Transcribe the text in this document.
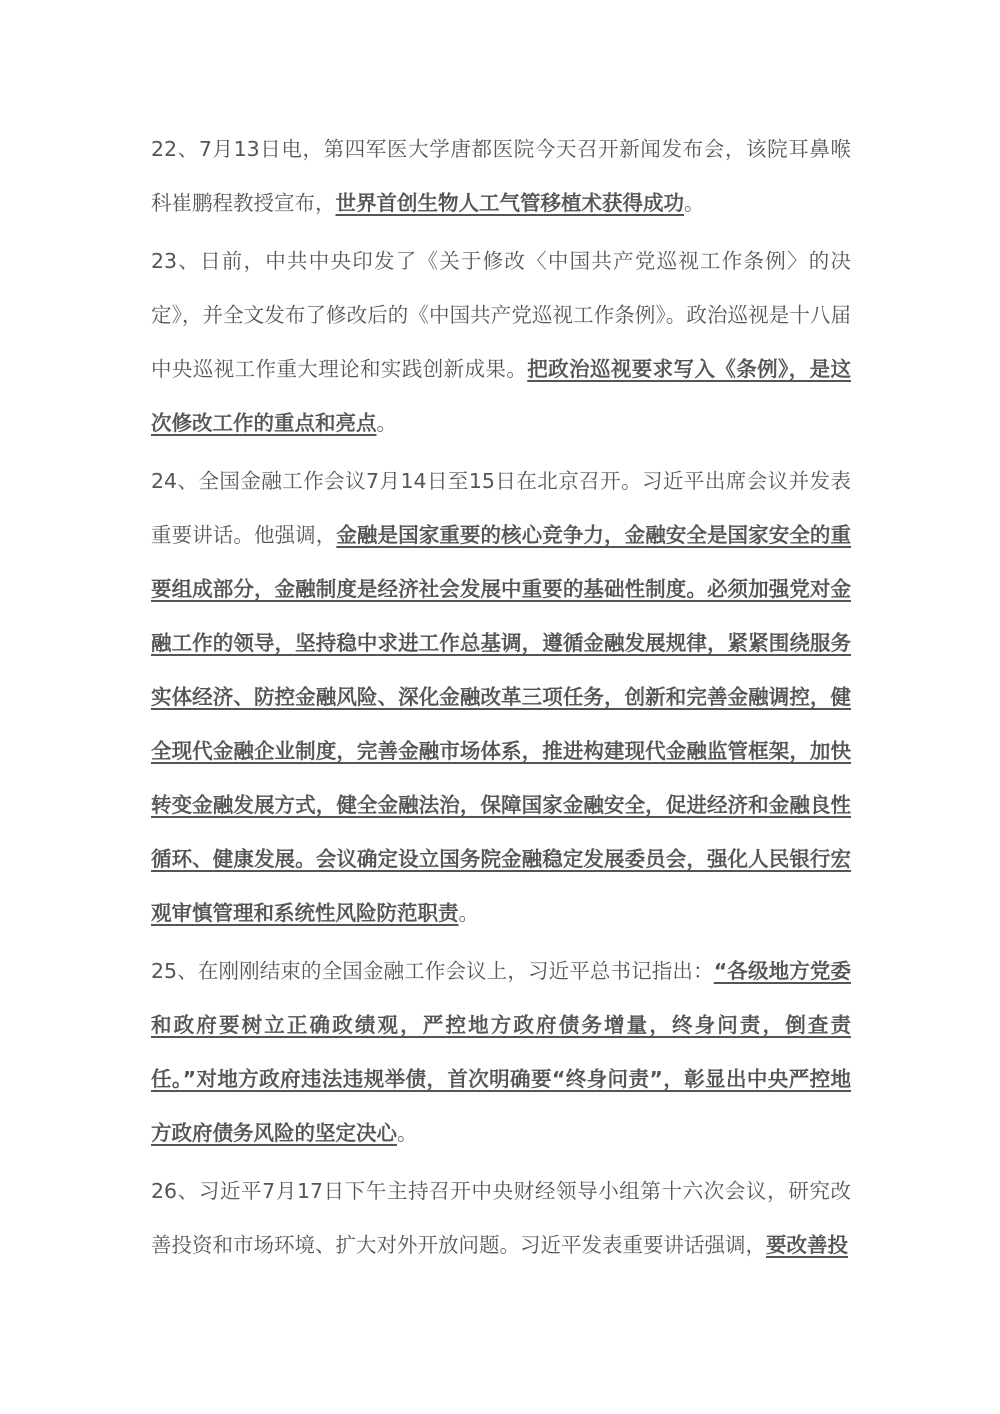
22、7月13日电，第四军医大学唐都医院今天召开新闻发布会，该院耳鼻喉科崔鹏程教授宣布，世界首创生物人工气管移植术获得成功。

23、日前，中共中央印发了《关于修改〈中国共产党巡视工作条例〉的决定》，并全文发布了修改后的《中国共产党巡视工作条例》。政治巡视是十八届中央巡视工作重大理论和实践创新成果。把政治巡视要求写入《条例》，是这次修改工作的重点和亮点。

24、全国金融工作会议7月14日至15日在北京召开。习近平出席会议并发表重要讲话。他强调，金融是国家重要的核心竞争力，金融安全是国家安全的重要组成部分，金融制度是经济社会发展中重要的基础性制度。必须加强党对金融工作的领导，坚持稳中求进工作总基调，遵循金融发展规律，紧紧围绕服务实体经济、防控金融风险、深化金融改革三项任务，创新和完善金融调控，健全现代金融企业制度，完善金融市场体系，推进构建现代金融监管框架，加快转变金融发展方式，健全金融法治，保障国家金融安全，促进经济和金融良性循环、健康发展。会议确定设立国务院金融稳定发展委员会，强化人民银行宏观审慎管理和系统性风险防范职责。

25、在刚刚结束的全国金融工作会议上，习近平总书记指出：“各级地方党委和政府要树立正确政绩观，严控地方政府债务增量，终身问责，倒查责任。”对地方政府违法违规举债，首次明确要“终身问责”，彰显出中央严控地方政府债务风险的坚定决心。

26、习近平7月17日下午主持召开中央财经领导小组第十六次会议，研究改善投资和市场环境、扩大对外开放问题。习近平发表重要讲话强调，要改善投
